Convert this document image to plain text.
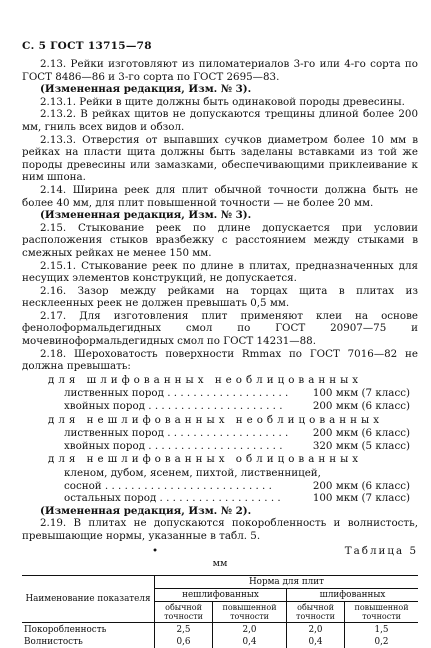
С. 5 ГОСТ 13715—78

2.13. Рейки изготовляют из пиломатериалов 3-го или 4-го сорта по ГОСТ 8486—86 и 3-го сорта по ГОСТ 2695—83.

(Измененная редакция, Изм. № 3).

2.13.1. Рейки в щите должны быть одинаковой породы древесины.

2.13.2. В рейках щитов не допускаются трещины длиной более 200 мм, гниль всех видов и обзол.

2.13.3. Отверстия от выпавших сучков диаметром более 10 мм в рейках на пласти щита должны быть заделаны вставками из той же породы древесины или замазками, обеспечивающими приклеивание к ним шпона.

2.14. Ширина реек для плит обычной точности должна быть не более 40 мм, для плит повышенной точности — не более 20 мм.

(Измененная редакция, Изм. № 3).

2.15. Стыкование реек по длине допускается при условии расположения стыков вразбежку с расстоянием между стыками в смежных рейках не менее 150 мм.

2.15.1. Стыкование реек по длине в плитах, предназначенных для несущих элементов конструкций, не допускается.

2.16. Зазор между рейками на торцах щита в плитах из несклеенных реек не должен превышать 0,5 мм.

2.17. Для изготовления плит применяют клеи на основе фенолоформальдегидных смол по ГОСТ 20907—75 и мочевиноформальдегидных смол по ГОСТ 14231—88.

2.18. Шероховатость поверхности Rmmax по ГОСТ 7016—82 не должна превышать:

для шлифованных необлицованных
лиственных пород . . . . . . . . . . . . . . . . . . .	100 мкм (7 класс)
хвойных пород . . . . . . . . . . . . . . . . . . . . .	200 мкм (6 класс)
для нешлифованных необлицованных
лиственных пород . . . . . . . . . . . . . . . . . . .	200 мкм (6 класс)
хвойных пород . . . . . . . . . . . . . . . . . . . . .	320 мкм (5 класс)
для нешлифованных облицованных
кленом, дубом, ясенем, пихтой, лиственницей,
сосной . . . . . . . . . . . . . . . . . . . . . . . . . .	200 мкм (6 класс)
остальных пород . . . . . . . . . . . . . . . . . . .	100 мкм (7 класс)

(Измененная редакция, Изм. № 2).

2.19. В плитах не допускаются покоробленность и волнистость, превышающие нормы, указанные в табл. 5.

•	Таблица 5
мм
Наименование показателя	Норма для плит			
	нешлифованных		шлифованных	
	обычной точности	повышенной точности	обычной точности	повышенной точности
Покоробленность	2,5	2,0	2,0	1,5
Волнистость	0,6	0,4	0,4	0,2
